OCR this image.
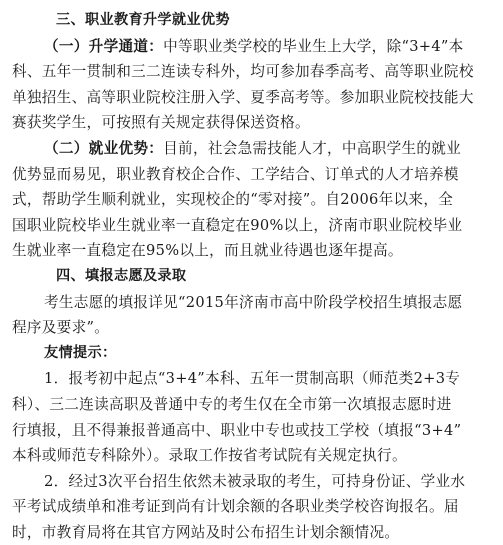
三、职业教育升学就业优势
（一）升学通道：中等职业类学校的毕业生上大学，除“3+4”本
科、五年一贯制和三二连读专科外，均可参加春季高考、高等职业院校
单独招生、高等职业院校注册入学、夏季高考等。参加职业院校技能大
赛获奖学生，可按照有关规定获得保送资格。
（二）就业优势：目前，社会急需技能人才，中高职学生的就业
优势显而易见，职业教育校企合作、工学结合、订单式的人才培养模
式，帮助学生顺利就业，实现校企的“零对接”。自2006年以来，全
国职业院校毕业生就业率一直稳定在90%以上，济南市职业院校毕业
生就业率一直稳定在95%以上，而且就业待遇也逐年提高。
四、填报志愿及录取
考生志愿的填报详见“2015年济南市高中阶段学校招生填报志愿
程序及要求”。
友情提示：
1．报考初中起点“3+4”本科、五年一贯制高职（师范类2+3专
科）、三二连读高职及普通中专的考生仅在全市第一次填报志愿时进
行填报，且不得兼报普通高中、职业中专也或技工学校（填报“3+4”
本科或师范专科除外）。录取工作按省考试院有关规定执行。
2．经过3次平台招生依然未被录取的考生，可持身份证、学业水
平考试成绩单和准考证到尚有计划余额的各职业类学校咨询报名。届
时，市教育局将在其官方网站及时公布招生计划余额情况。
